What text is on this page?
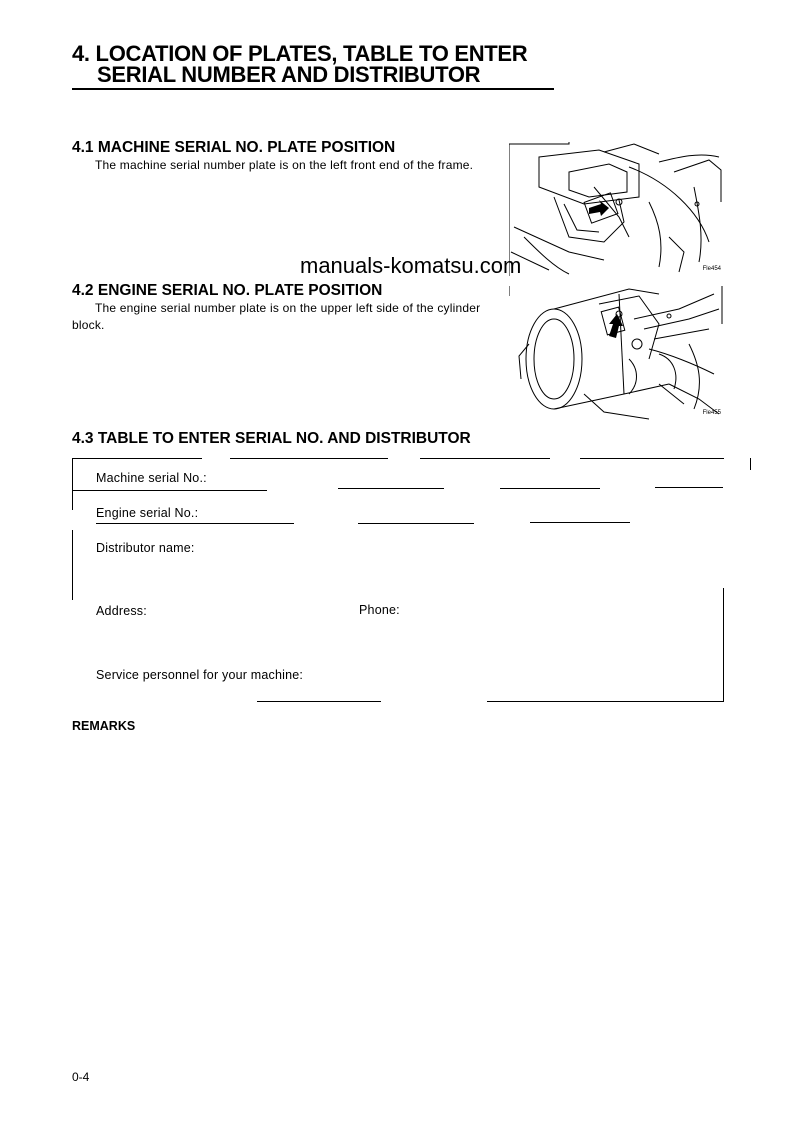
4. LOCATION OF PLATES, TABLE TO ENTER
SERIAL NUMBER AND DISTRIBUTOR
4.1 MACHINE SERIAL NO. PLATE POSITION
The machine serial number plate is on the left front end of the frame.
Fle454
manuals-komatsu.com
4.2 ENGINE SERIAL NO. PLATE POSITION
The engine serial number plate is on the upper left side of the cylinder block.
Fle455
4.3 TABLE TO ENTER SERIAL NO. AND DISTRIBUTOR
Machine serial No.:
Engine serial No.:
Distributor name:
Address:	Phone:
Service personnel for your machine:
REMARKS
0-4
